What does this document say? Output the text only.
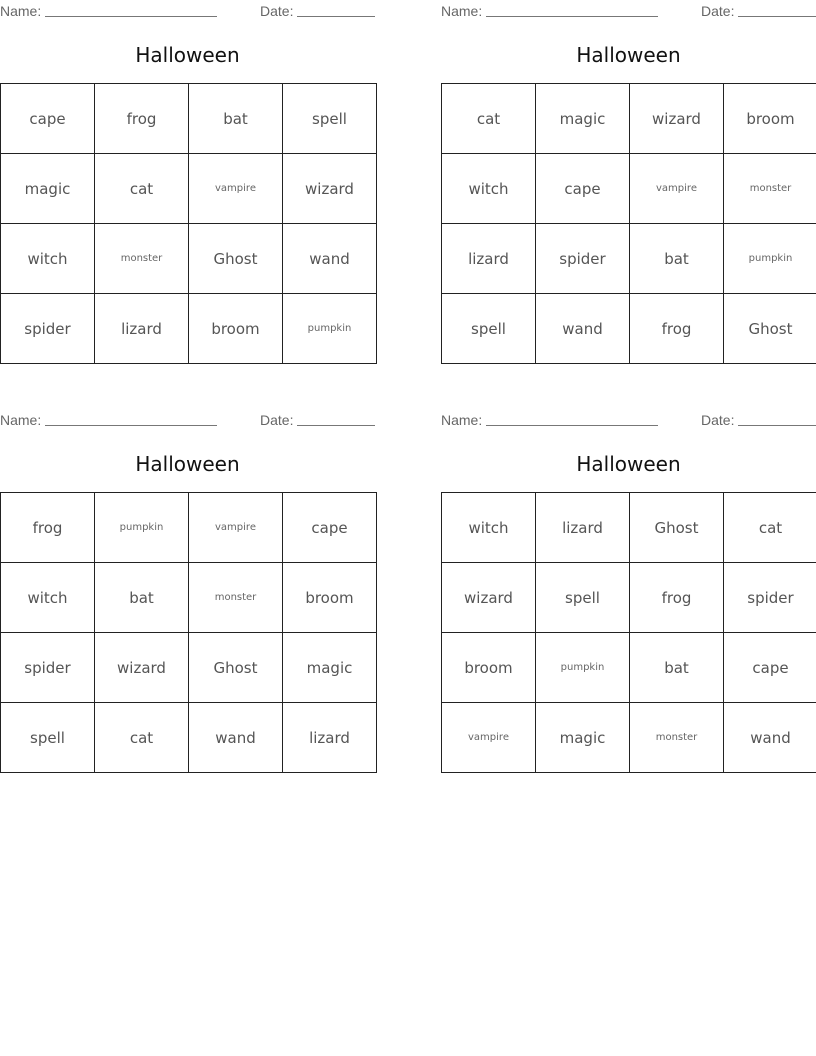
Name:	Date:
Halloween
cape	frog	bat	spell
magic	cat	vampire	wizard
witch	monster	Ghost	wand
spider	lizard	broom	pumpkin
Name:	Date:
Halloween
cat	magic	wizard	broom
witch	cape	vampire	monster
lizard	spider	bat	pumpkin
spell	wand	frog	Ghost
Name:	Date:
Halloween
frog	pumpkin	vampire	cape
witch	bat	monster	broom
spider	wizard	Ghost	magic
spell	cat	wand	lizard
Name:	Date:
Halloween
witch	lizard	Ghost	cat
wizard	spell	frog	spider
broom	pumpkin	bat	cape
vampire	magic	monster	wand
